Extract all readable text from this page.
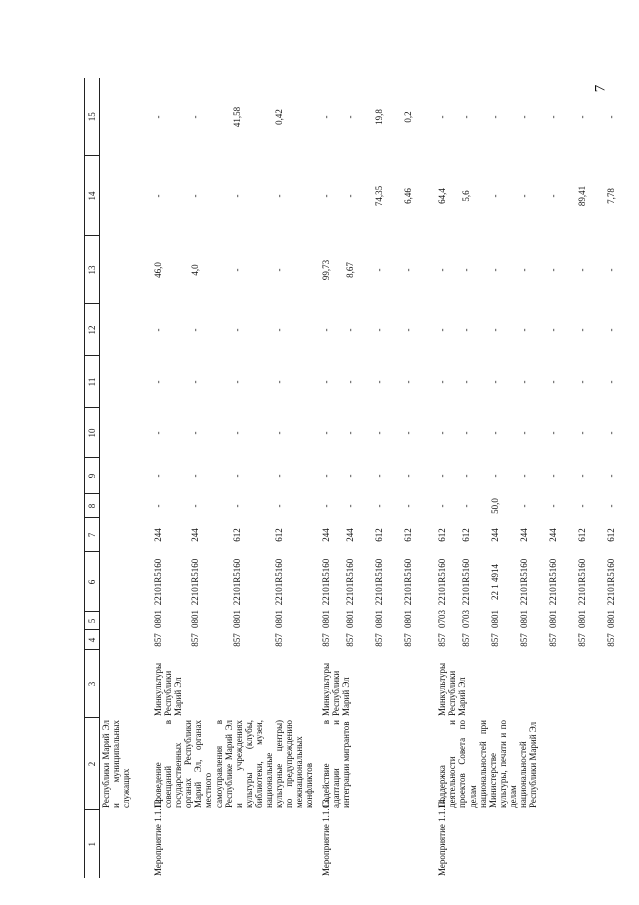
7
1	2	3	4	5	6	7	8	9	10	11	12	13	14	15
	Республики Марий Эл и муниципальных служащих													
Мероприятие 1.1.12.	Проведение совещаний в государственных органах Республики Марий Эл, органах местного самоуправления в Республике Марий Эл и учреждениях культуры (клубы, библиотеки, музеи, национальные культурные центры) по предупреждению межнациональных конфликтов	Минкультуры Республики Марий Эл	857	0801	22101R5160	244	-	-	-	-	-	46,0	-	-
			857	0801	22101R5160	244	-	-	-	-	-	4,0	-	-
			857	0801	22101R5160	612	-	-	-	-	-	-	-	41,58
			857	0801	22101R5160	612	-	-	-	-	-	-	-	0,42
Мероприятие 1.1.13.	Содействие в адаптации и интеграции мигрантов	Минкультуры Республики Марий Эл	857	0801	22101R5160	244	-	-	-	-	-	99,73	-	-
			857	0801	22101R5160	244	-	-	-	-	-	8,67	-	-
			857	0801	22101R5160	612	-	-	-	-	-	-	74,35	19,8
			857	0801	22101R5160	612	-	-	-	-	-	-	6,46	0,2
Мероприятие 1.1.14.	Поддержка деятельности и проектов Совета по делам национальностей при Министерстве культуры, печати и по делам национальностей Республики Марий Эл	Минкультуры Республики Марий Эл	857	0703	22101R5160	612	-	-	-	-	-	-	64,4	-
			857	0703	22101R5160	612	-	-	-	-	-	-	5,6	-
			857	0801	22 1 4914	244	50,0	-	-	-	-	-	-	-
			857	0801	22101R5160	244	-	-	-	-	-	-	-	-
			857	0801	22101R5160	244	-	-	-	-	-	-	-	-
			857	0801	22101R5160	612	-	-	-	-	-	-	89,41	-
			857	0801	22101R5160	612	-	-	-	-	-	-	7,78	-
